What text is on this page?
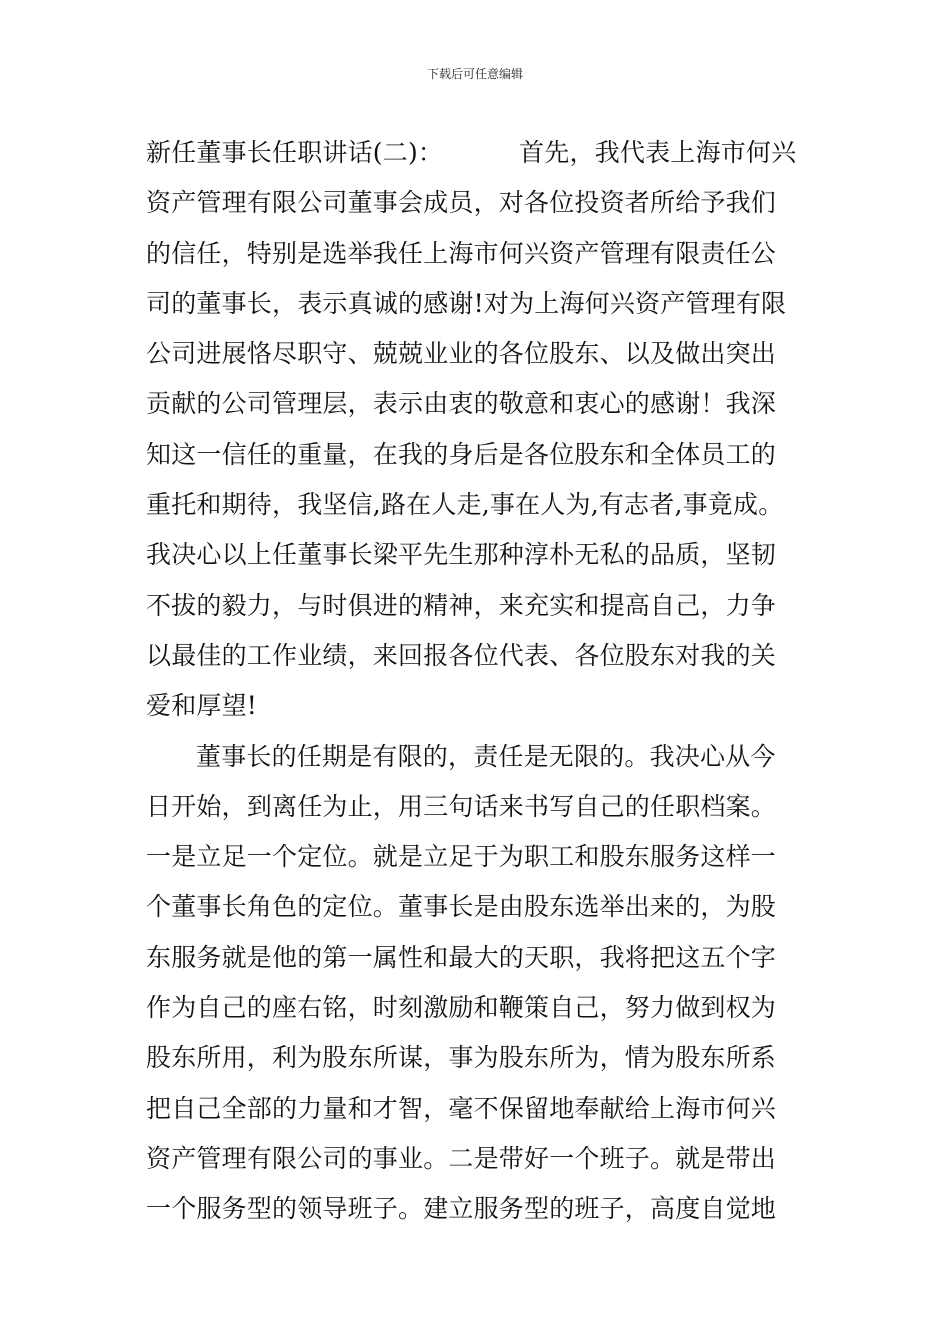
下载后可任意编辑
新任董事长任职讲话(二)：	首先，我代表上海市何兴
资产管理有限公司董事会成员，对各位投资者所给予我们
的信任，特别是选举我任上海市何兴资产管理有限责任公
司的董事长，表示真诚的感谢!对为上海何兴资产管理有限
公司进展恪尽职守、兢兢业业的各位股东、以及做出突出
贡献的公司管理层，表示由衷的敬意和衷心的感谢！我深
知这一信任的重量，在我的身后是各位股东和全体员工的
重托和期待，我坚信,路在人走,事在人为,有志者,事竟成。
我决心以上任董事长梁平先生那种淳朴无私的品质，坚韧
不拔的毅力，与时俱进的精神，来充实和提高自己，力争
以最佳的工作业绩，来回报各位代表、各位股东对我的关
爱和厚望!
董事长的任期是有限的，责任是无限的。我决心从今
日开始，到离任为止，用三句话来书写自己的任职档案。
一是立足一个定位。就是立足于为职工和股东服务这样一
个董事长角色的定位。董事长是由股东选举出来的，为股
东服务就是他的第一属性和最大的天职，我将把这五个字
作为自己的座右铭，时刻激励和鞭策自己，努力做到权为
股东所用，利为股东所谋，事为股东所为，情为股东所系
把自己全部的力量和才智，毫不保留地奉献给上海市何兴
资产管理有限公司的事业。二是带好一个班子。就是带出
一个服务型的领导班子。建立服务型的班子，高度自觉地
